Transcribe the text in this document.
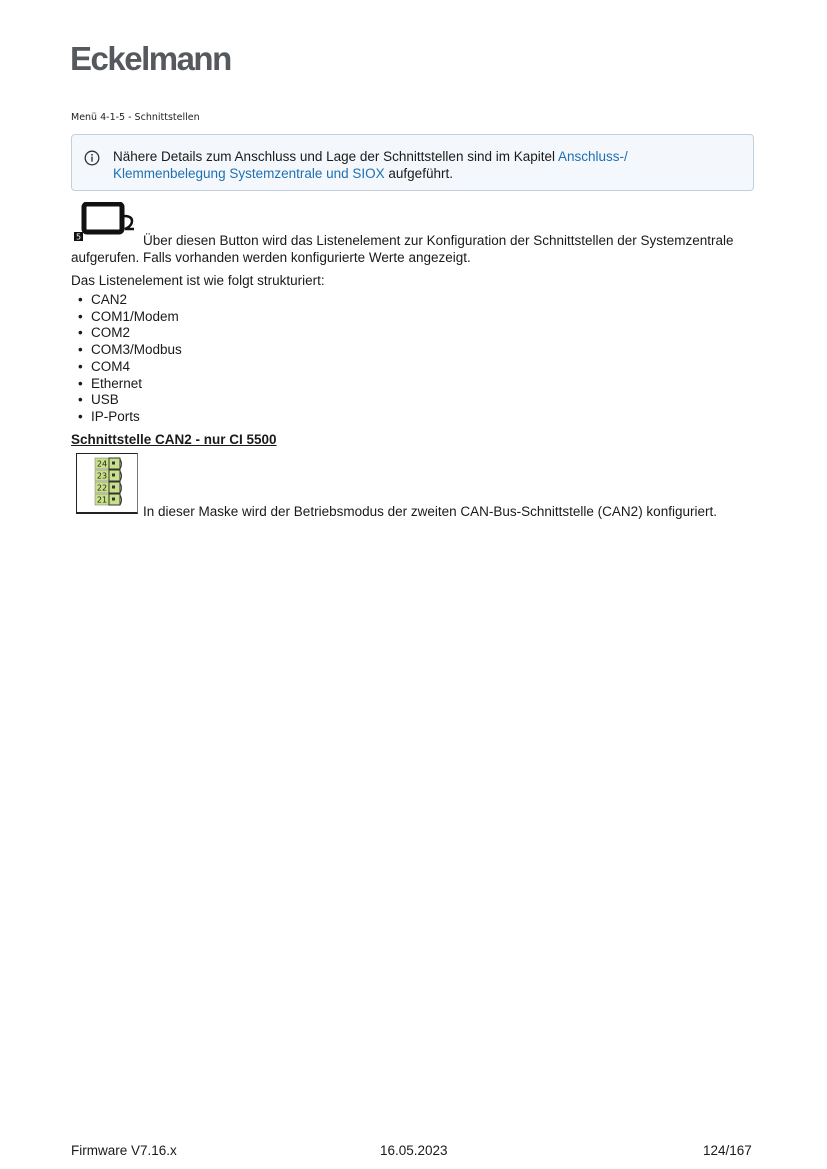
Eckelmann
Menü 4-1-5 - Schnittstellen
Nähere Details zum Anschluss und Lage der Schnittstellen sind im Kapitel Anschluss-/ Klemmenbelegung Systemzentrale und SIOX aufgeführt.
5	Über diesen Button wird das Listenelement zur Konfiguration der Schnittstellen der Systemzentrale aufgerufen. Falls vorhanden werden konfigurierte Werte angezeigt.
Das Listenelement ist wie folgt strukturiert:
• CAN2
• COM1/Modem
• COM2
• COM3/Modbus
• COM4
• Ethernet
• USB
• IP-Ports
Schnittstelle CAN2 - nur CI 5500
24
23
22
21
In dieser Maske wird der Betriebsmodus der zweiten CAN-Bus-Schnittstelle (CAN2) konfiguriert.
Firmware V7.16.x	16.05.2023	124/167
